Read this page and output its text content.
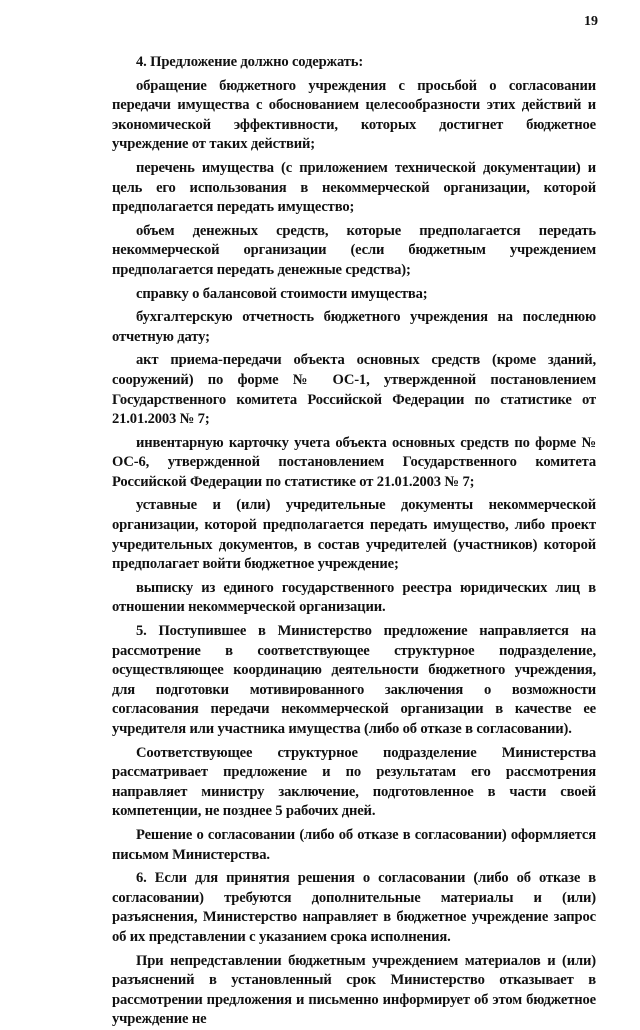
19

4. Предложение должно содержать:

обращение бюджетного учреждения с просьбой о согласовании передачи имущества с обоснованием целесообразности этих действий и экономической эффективности, которых достигнет бюджетное учреждение от таких действий;

перечень имущества (с приложением технической документации) и цель его использования в некоммерческой организации, которой предполагается передать имущество;

объем денежных средств, которые предполагается передать некоммерческой организации (если бюджетным учреждением предполагается передать денежные средства);

справку о балансовой стоимости имущества;

бухгалтерскую отчетность бюджетного учреждения на последнюю отчетную дату;

акт приема-передачи объекта основных средств (кроме зданий, сооружений) по форме № ОС-1, утвержденной постановлением Государственного комитета Российской Федерации по статистике от 21.01.2003 № 7;

инвентарную карточку учета объекта основных средств по форме № ОС-6, утвержденной постановлением Государственного комитета Российской Федерации по статистике от 21.01.2003 № 7;

уставные и (или) учредительные документы некоммерческой организации, которой предполагается передать имущество, либо проект учредительных документов, в состав учредителей (участников) которой предполагает войти бюджетное учреждение;

выписку из единого государственного реестра юридических лиц в отношении некоммерческой организации.

5. Поступившее в Министерство предложение направляется на рассмотрение в соответствующее структурное подразделение, осуществляющее координацию деятельности бюджетного учреждения, для подготовки мотивированного заключения о возможности согласования передачи некоммерческой организации в качестве ее учредителя или участника имущества (либо об отказе в согласовании).

Соответствующее структурное подразделение Министерства рассматривает предложение и по результатам его рассмотрения направляет министру заключение, подготовленное в части своей компетенции, не позднее 5 рабочих дней.

Решение о согласовании (либо об отказе в согласовании) оформляется письмом Министерства.

6. Если для принятия решения о согласовании (либо об отказе в согласовании) требуются дополнительные материалы и (или) разъяснения, Министерство направляет в бюджетное учреждение запрос об их представлении с указанием срока исполнения.

При непредставлении бюджетным учреждением материалов и (или) разъяснений в установленный срок Министерство отказывает в рассмотрении предложения и письменно информирует об этом бюджетное учреждение не
